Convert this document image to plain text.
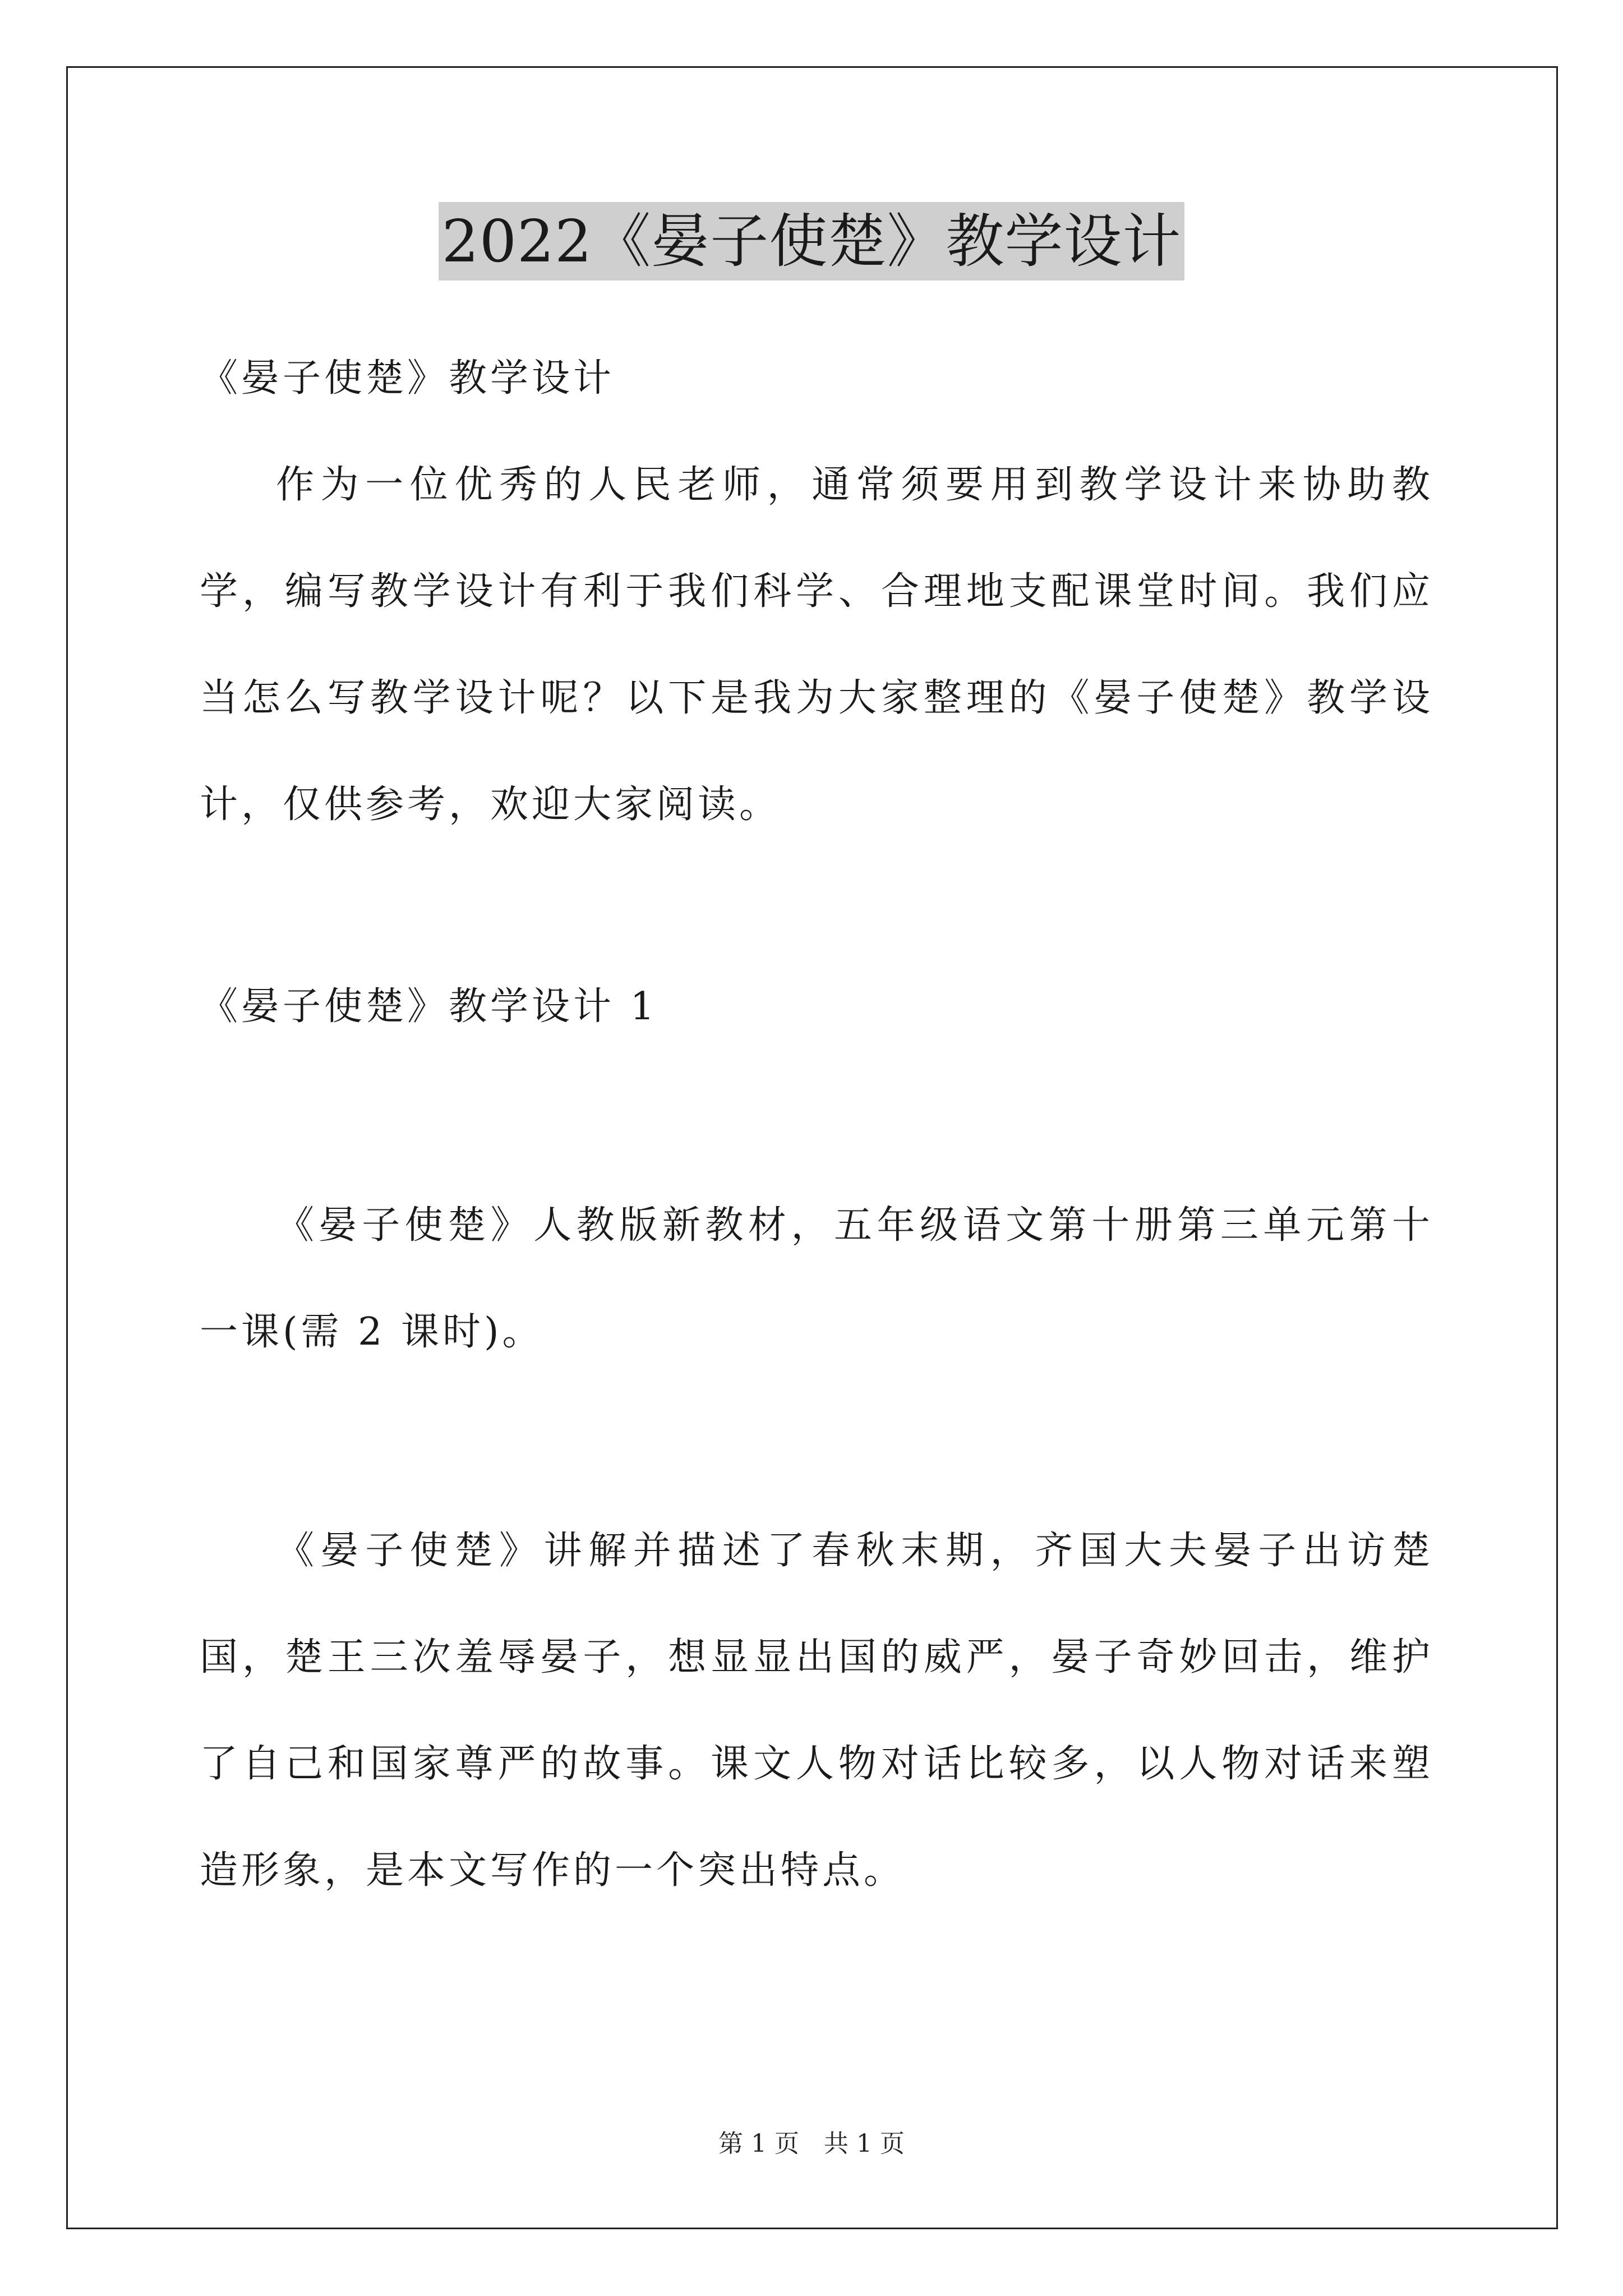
2022《晏子使楚》教学设计

《晏子使楚》教学设计

作为一位优秀的人民老师，通常须要用到教学设计来协助教学，编写教学设计有利于我们科学、合理地支配课堂时间。我们应当怎么写教学设计呢？以下是我为大家整理的《晏子使楚》教学设计，仅供参考，欢迎大家阅读。

《晏子使楚》教学设计 1

《晏子使楚》人教版新教材，五年级语文第十册第三单元第十一课(需 2 课时)。

《晏子使楚》讲解并描述了春秋末期，齐国大夫晏子出访楚国，楚王三次羞辱晏子，想显显出国的威严，晏子奇妙回击，维护了自己和国家尊严的故事。课文人物对话比较多，以人物对话来塑造形象，是本文写作的一个突出特点。

第 1 页　共 1 页
